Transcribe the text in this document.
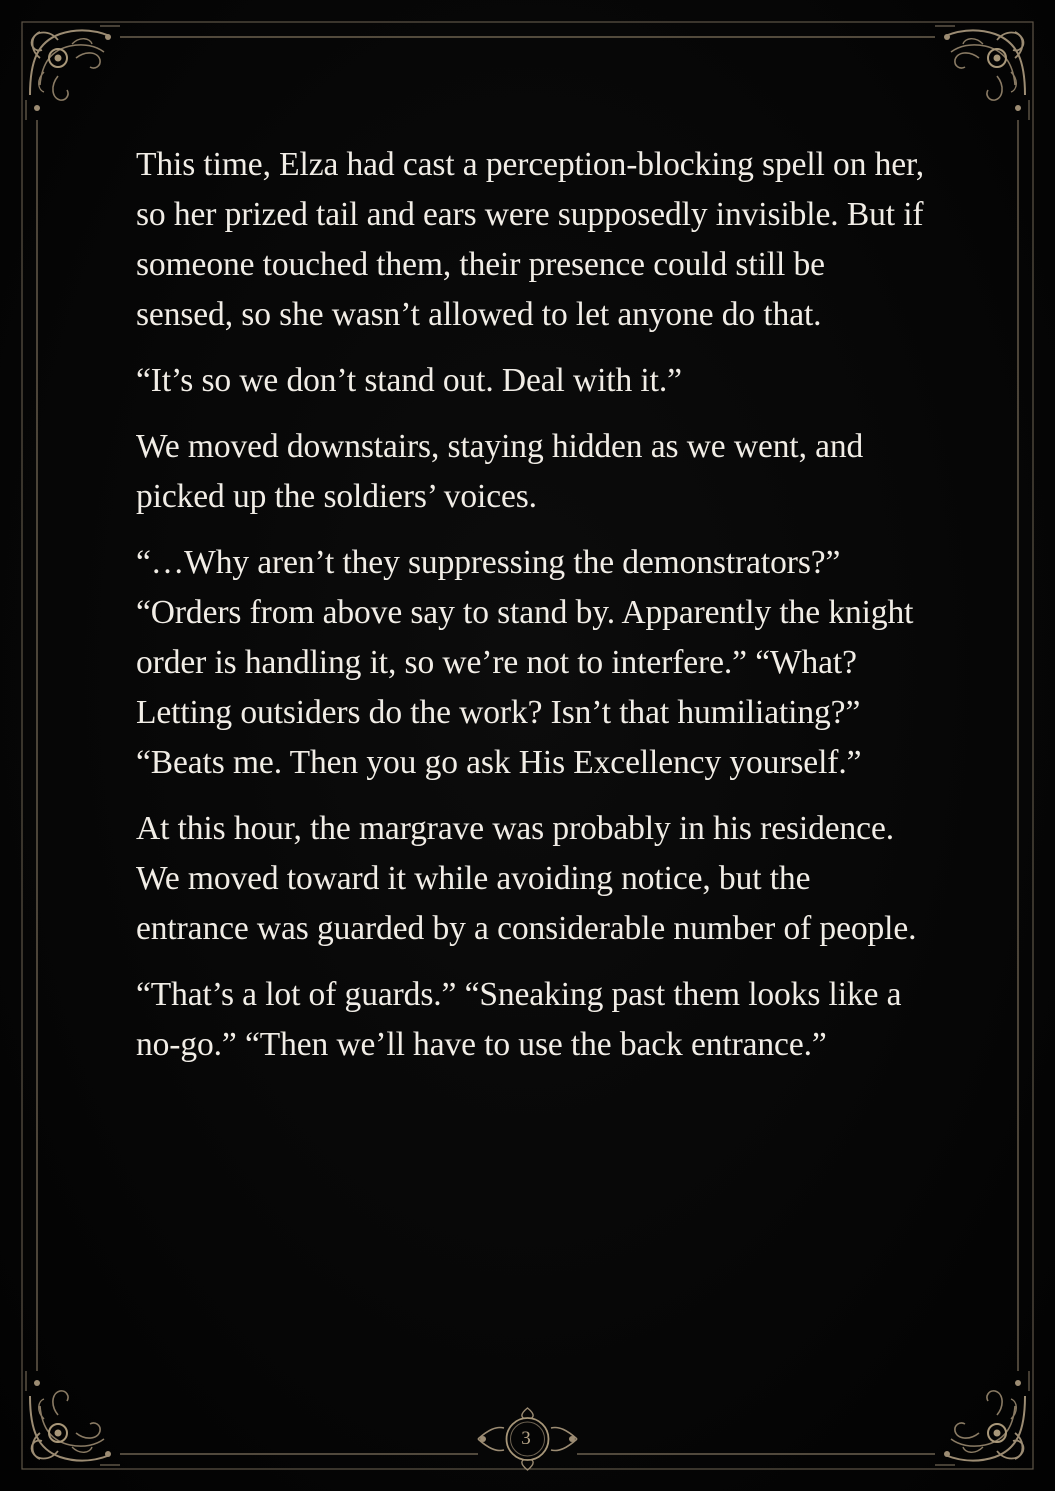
This time, Elza had cast a perception-blocking spell on her, so her prized tail and ears were supposedly invisible. But if someone touched them, their presence could still be sensed, so she wasn’t allowed to let anyone do that.

“It’s so we don’t stand out. Deal with it.”

We moved downstairs, staying hidden as we went, and picked up the soldiers’ voices.

“…Why aren’t they suppressing the demonstrators?” “Orders from above say to stand by. Apparently the knight order is handling it, so we’re not to interfere.” “What? Letting outsiders do the work? Isn’t that humiliating?” “Beats me. Then you go ask His Excellency yourself.”

At this hour, the margrave was probably in his residence. We moved toward it while avoiding notice, but the entrance was guarded by a considerable number of people.

“That’s a lot of guards.” “Sneaking past them looks like a no-go.” “Then we’ll have to use the back entrance.”

3
